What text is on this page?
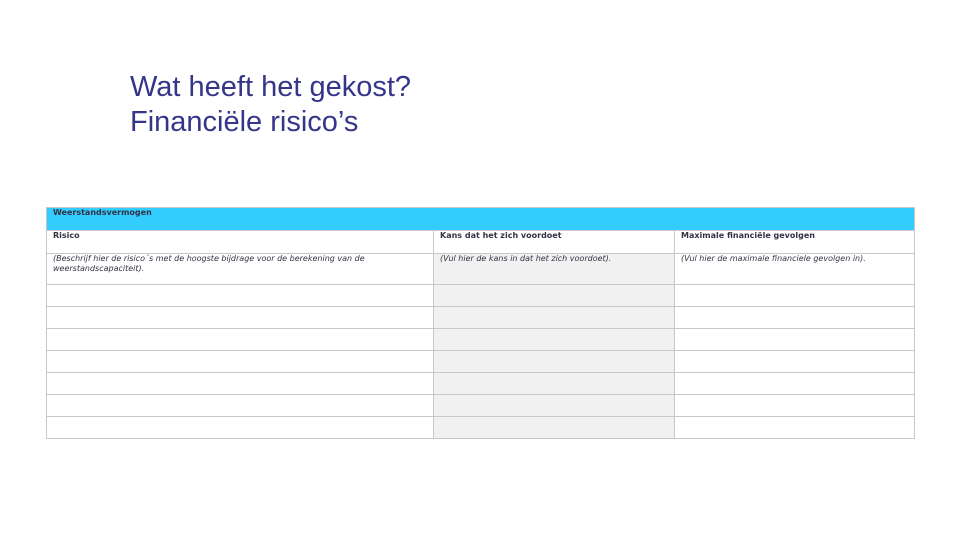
Wat heeft het gekost?
Financiële risico’s
Weerstandsvermogen		
Risico	Kans dat het zich voordoet	Maximale financiële gevolgen
(Beschrijf hier de risico´s met de hoogste bijdrage voor de berekening van de weerstandscapaciteit).	(Vul hier de kans in dat het zich voordoet).	(Vul hier de maximale financiele gevolgen in).
